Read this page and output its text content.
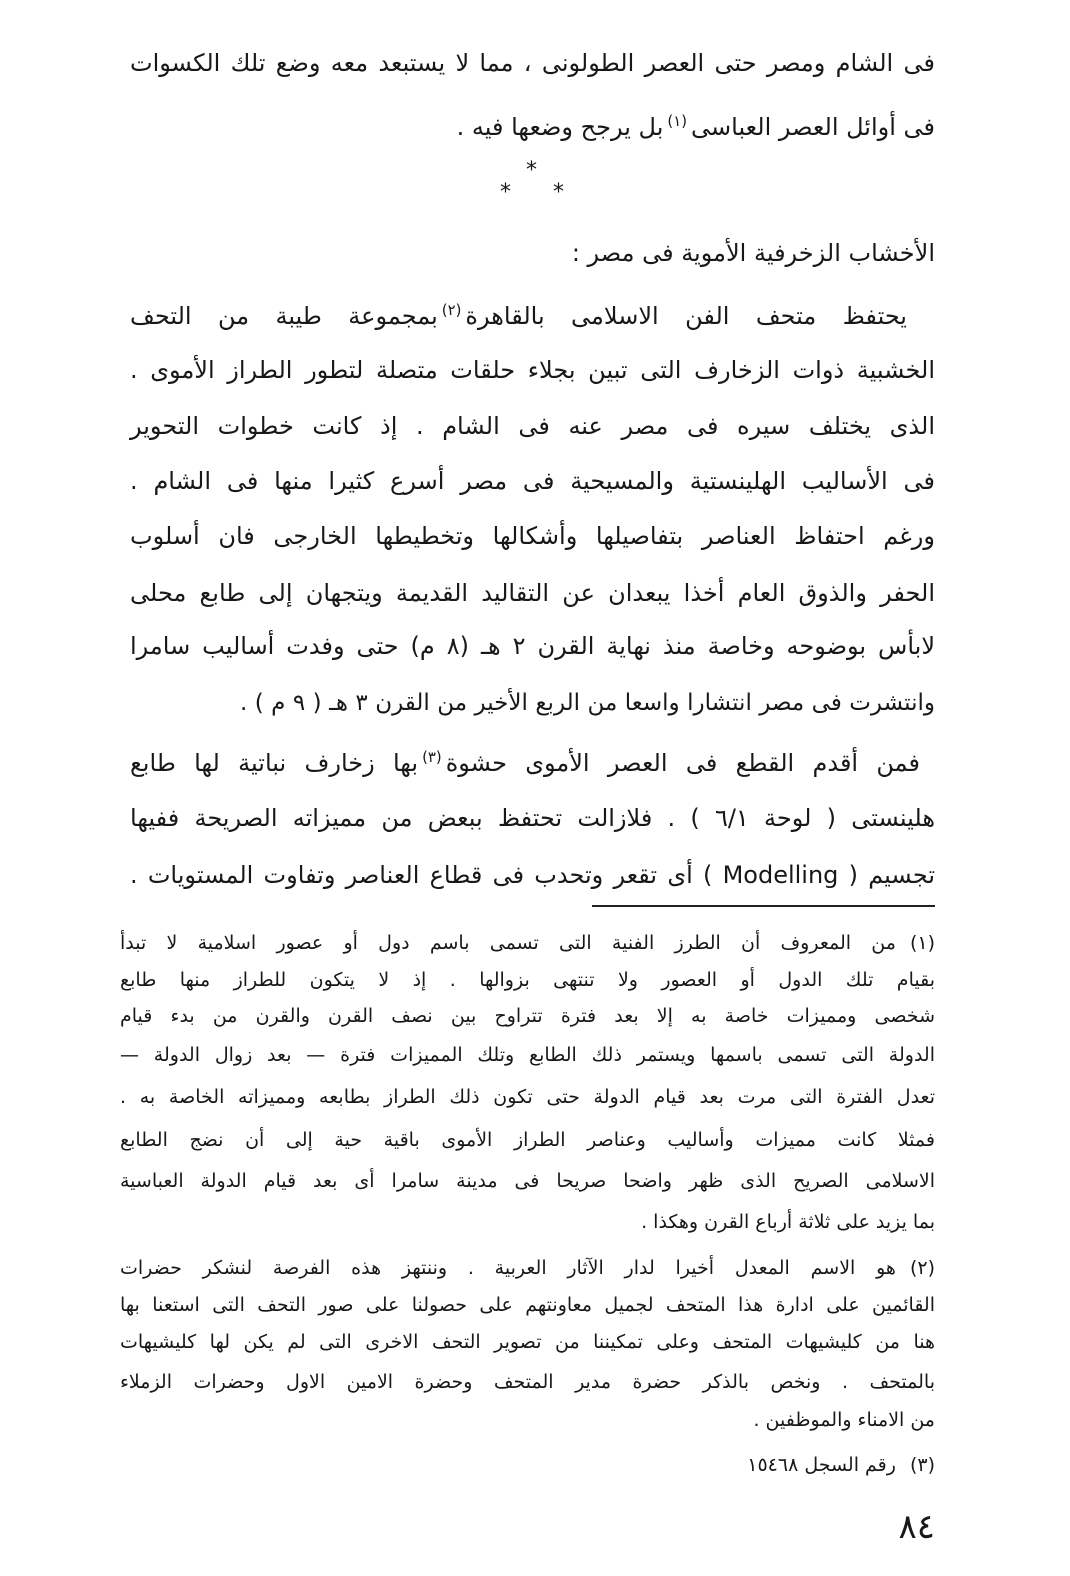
فى الشام ومصر حتى العصر الطولونى ، مما لا يستبعد معه وضع تلك الكسوات
فى أوائل العصر العباسى$^{(١)}$بل يرجح وضعها فيه .
*
* *
الأخشاب الزخرفية الأموية فى مصر :
يحتفظ متحف الفن الاسلامى بالقاهرة$^{(٢)}$بمجموعة طيبة من التحف
الخشبية ذوات الزخارف التى تبين بجلاء حلقات متصلة لتطور الطراز الأموى .
الذى يختلف سيره فى مصر عنه فى الشام . إذ كانت خطوات التحوير
فى الأساليب الهلينستية والمسيحية فى مصر أسرع كثيرا منها فى الشام .
ورغم احتفاظ العناصر بتفاصيلها وأشكالها وتخطيطها الخارجى فان أسلوب
الحفر والذوق العام أخذا يبعدان عن التقاليد القديمة ويتجهان إلى طابع محلى
لابأس بوضوحه وخاصة منذ نهاية القرن ٢ هـ (٨ م) حتى وفدت أساليب سامرا
وانتشرت فى مصر انتشارا واسعا من الربع الأخير من القرن ٣ هـ ( ٩ م ) .
فمن أقدم القطع فى العصر الأموى حشوة$^{(٣)}$بها زخارف نباتية لها طابع
هلينستى ( لوحة ٦/١ ) . فلازالت تحتفظ ببعض من مميزاته الصريحة ففيها
تجسيم ( Modelling ) أى تقعر وتحدب فى قطاع العناصر وتفاوت المستويات .
(١)من المعروف أن الطرز الفنية التى تسمى باسم دول أو عصور اسلامية لا تبدأ
بقيام تلك الدول أو العصور ولا تنتهى بزوالها . إذ لا يتكون للطراز منها طابع
شخصى ومميزات خاصة به إلا بعد فترة تتراوح بين نصف القرن والقرن من بدء قيام
الدولة التى تسمى باسمها ويستمر ذلك الطابع وتلك المميزات فترة — بعد زوال الدولة —
تعدل الفترة التى مرت بعد قيام الدولة حتى تكون ذلك الطراز بطابعه ومميزاته الخاصة به .
فمثلا كانت مميزات وأساليب وعناصر الطراز الأموى باقية حية إلى أن نضج الطابع
الاسلامى الصريح الذى ظهر واضحا صريحا فى مدينة سامرا أى بعد قيام الدولة العباسية
بما يزيد على ثلاثة أرباع القرن وهكذا .
(٢)هو الاسم المعدل أخيرا لدار الآثار العربية . وننتهز هذه الفرصة لنشكر حضرات
القائمين على ادارة هذا المتحف لجميل معاونتهم على حصولنا على صور التحف التى استعنا بها
هنا من كليشيهات المتحف وعلى تمكيننا من تصوير التحف الاخرى التى لم يكن لها كليشيهات
بالمتحف . ونخص بالذكر حضرة مدير المتحف وحضرة الامين الاول وحضرات الزملاء
من الامناء والموظفين .
(٣)رقم السجل ١٥٤٦٨
٨٤
